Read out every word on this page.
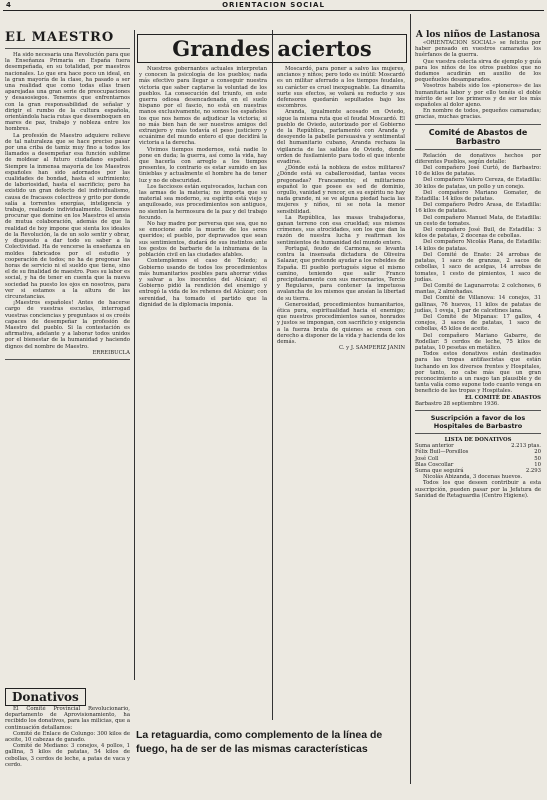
4	ORIENTACION SOCIAL
EL MAESTRO

Ha sido necesaria una Revolución para que la Enseñanza Primaria en España fuera desempeñada, en su totalidad, por maestros nacionales. Lo que era hace poco un ideal, en la gran mayoría de la clase, ha pasado a ser una realidad que como todas ellas traen aparejadas una gran serie de preocupaciones y desasosiegos. Tenemos que enfrentarnos con la gran responsabilidad de señalar y dirigir el rumbo de la cultura española, orientándola hacia rutas que desemboquen en mares de paz, trabajo y nobleza entre los hombres.

La profesión de Maestro adquiere relieve de tal naturaleza que se hace preciso pasar por una criba de tamiz muy fino a todos los llamados a desempeñar esa función sublime de moldear al futuro ciudadano español. Siempre la inmensa mayoría de los Maestros españoles han sido adornados por las cualidades de bondad, hasta el sufrimiento; de laboriosidad, hasta el sacrificio; pero ha existido un gran defecto del individualismo, causa de fracasos colectivos y grito por donde salía a torrentes energías, inteligencia y trabajo, realizado individualmente. Debemos procurar que domine en los Maestros el ansia de mutua colaboración, además de que la realidad de hoy impone que sienta los ideales de la Revolución, la de un solo sentir y obrar, y dispuesto a dar todo su saber a la Colectividad. Ha de vencerse la enseñanza en moldes fabricados por el estudio y cooperación de todos; no ha de pregonar las horas de servicio ni el sueldo que tiene, sino el de su finalidad de maestro. Pues su labor es social, y ha de tener en cuenta que la nueva sociedad ha puesto los ojos en nosotros, para ver si estamos a la altura de las circunstancias.

¡Maestros españoles! Antes de hacerse cargo de vuestras escuelas, interrogad vuestras conciencias y preguntaos si os creéis capaces de desempeñar la profesión de Maestro del pueblo. Si la contestación es afirmativa, adelante y a laborar todos unidos por el bienestar de la humanidad y haciendo dignos del nombre de Maestro.

ERREIBUCLA
Donativos

El Comité Provincial Revolucionario, departamento de Aprovisionamiento, ha recibido los donativos, para las milicias, que a continuación detallamos:

Comité de Enlace de Colungo: 300 kilos de aceite, 10 cabezas de ganado.

Comité de Mediano: 3 conejos, 4 pollos, 1 gallina, 5 kilos de patatas, 54 kilos de cebollas, 3 cerdos de leche, a patas de vaca y cerdo.

Grandes aciertos

Nuestros gobernantes actuales interpretan y conocen la psicología de los pueblos; nada más efectivo para llegar a conseguir nuestra victoria que saber captarse la voluntad de los pueblos. La consecución del triunfo, en este guerra odiosa desencadenada en el suelo hispano por el fascio, no está en nuestras manos exclusivamente, no somos los españoles los que nos hemos de adjudicar la victoria; si no más bien han de ser nuestros amigos del extranjero y más todavía el peso justiciero y ecuánime del mundo entero el que decidirá la victoria a la derecha.

Vivimos tiempos modernos, está nadie lo pone en duda; la guerra, así como la vida, hay que hacerla con arreglo a los tiempos presentes, lo contrario es estar sumido en las tinieblas y actualmente el hombre ha de tener luz y no de obscuridad.

Los facciosos están equivocados, luchan con las armas de la materia; no importa que su material sea moderno, su espíritu está viejo y anquilosado, sus procedimientos son antiguos, no sienten la hermosura de la paz y del trabajo fecundo.

No hay madre por perversa que sea, que no se emocione ante la muerte de los seres queridos; el pueblo, por depravados que sean sus sentimientos, dudará de sus instintos ante los gestos de barbarie de la inhumana de la población civil en las ciudades afables.

Contemplemos el caso de Toledo; a Gobierno usando de todos los procedimientos más humanitarios posibles para ahorrar vidas y salvar a los inocentes del Alcázar; el Gobierno pidió la rendición del enemigo y entregó la vida de los rehenes del Alcázar; con serenidad, ha tomado el partido que la dignidad de la diplomacia imponía.

Moscardó, para poner a salvo las mujeres, ancianos y niños; pero todo es inútil: Moscardó es un militar aferrado a los tiempos feudales, su carácter es cruel inexpugnable. La dinamita surte sus efectos, se volará su reducto y sus defensores quedarán sepultados bajo los escombros.

Aranda, igualmente acosado en Oviedo, sigue la misma ruta que el feudal Moscardó. El pueblo de Oviedo, autorizado por el Gobierno de la República, parlamentó con Aranda y desoyendo la pabelle persuasiva y sentimental del humanitario cubano, Aranda rechaza la vigilancia de las salidas de Oviedo, donde orden de fusilamiento para todo el que intente evadirse.

¿Dónde está la nobleza de estos militares? ¿Dónde está su caballerosidad, tantas veces pregonadas? Francamente; el militarismo español lo que posee es sed de dominio, orgullo, vanidad y rencor, en su espíritu no hay nada grande, ni se ve alguna piedad hacia las mujeres y niños, ni se nota la menor sensibilidad.

La República, las masas trabajadoras, ganan terreno con esa crueldad; sus mismos crímenes, sus atrocidades, son los que dan la razón de nuestra lucha y reafirman los sentimientos de humanidad del mundo entero.

Portugal, feudo de Carmona, se levanta contra la insensata dictadura de Oliveira Salazar, que pretende ayudar a los rebeldes de España. El pueblo portugués sigue el mismo camino, teniendo que salir Franco precipitadamente con sus mercenarios, Tercio y Regulares, para contener la impetuosa avalancha de los mismos que ansían la libertad de su tierra.

Generosidad, procedimientos humanitarios, ética pura, espiritualidad hacia el enemigo; que nuestros procedimientos sanos, honrados y justos se impongan, con sacrificio y exigencia a la fuerza bruta de quienes se creen con derecho a disponer de la vida y hacienda de los demás.

C. y J. SAMPERIZ JANIN
La retaguardia, como complemento de la línea de fuego, ha de ser de las mismas características
A los niños de Lastanosa

«ORIENTACION SOCIAL» se felicita por haber pensado en vuestros camaradas los huérfanos de la guerra.

Que vuestra colecta sirva de ejemplo y guía para los niños de los otros pueblos que no dudamos acudirán en auxilio de los pequeñuelos desamparados.

Vosotros habéis sido los «pioneros» de las humanitaria labor y por ello tenéis el doble mérito de ser los primeros y de ser los más españoles al dolor ajeno.

En nombre de todos, pequeños camaradas; gracias, muchas gracias.

Comité de Abastos de Barbastro

Relación de donativos hechos por diferentes Pueblos, según detalle:

Del compañero José Curtó, de Barbastro: 10 de kilos de patatas.

Del compañero Valero Cereza, de Estadilla: 30 kilos de patatas, un pollo y un conejo.

Del compañero Mariano Gomater, de Estadilla: 14 kilos de patatas.

Del compañero Pedro Arasa, de Estadilla: 16 kilos de patatas.

Del compañero Manuel Mata, de Estadilla: un cesto de tomates.

Del compañero José Buil, de Estadilla: 3 kilos de patatas, 2 docenas de cebollas.

Del compañero Nicolás Plana, de Estadilla: 14 kilos de patatas.

Del Comité de Enate: 24 arrobas de patatas, 1 saco de granzas, 2 sacos de cebollas, 1 saco de acelgas, 14 arrobas de tomates, 1 cesto de pimientos, 1 saco de judías.

Del Comité de Lagunarrota: 2 colchones, 6 mantas, 2 almohadas.

Del Comité de Villanova: 14 conejos, 31 gallinas, 76 huevos, 11 kilos de patatas de judías, 1 oveja, 1 par de calcetines lana.

Del Comité de Mipanas: 17 gallos, 4 conejos, 3 sacos de patatas, 1 saco de cebollas, 45 kilos de aceite.

Del compañero Mariano Gabarre, de Rodellar: 5 cerdos de leche, 75 kilos de patatas, 10 pesetas en metálico.

Todos estos donativos están destinados para las tropas antifascistas que están luchando en los diversos frentes y Hospitales, por tanto, no cabe más que un gran reconocimiento a un rasgo tan plausible y de tanta valía como supone todo cuanto venga en beneficio de las tropas y Hospitales.

EL COMITÉ DE ABASTOS
Barbastro 28 septiembre 1936.
Suscripción a favor de los Hospitales de Barbastro
LISTA DE DONATIVOS
Suma anterior	2.213 ptas.
Félix Buil—Porsillos	20
José Coll	50
Blas Coscollar	10
Suma que seguirá	2.293

Nicolás Abizanda, 3 docenas huevos.

Todos los que deseen contribuir a esta suscripción, pueden pasar por la Jefatura de Sanidad de Retaguardia (Centro Higiene).
